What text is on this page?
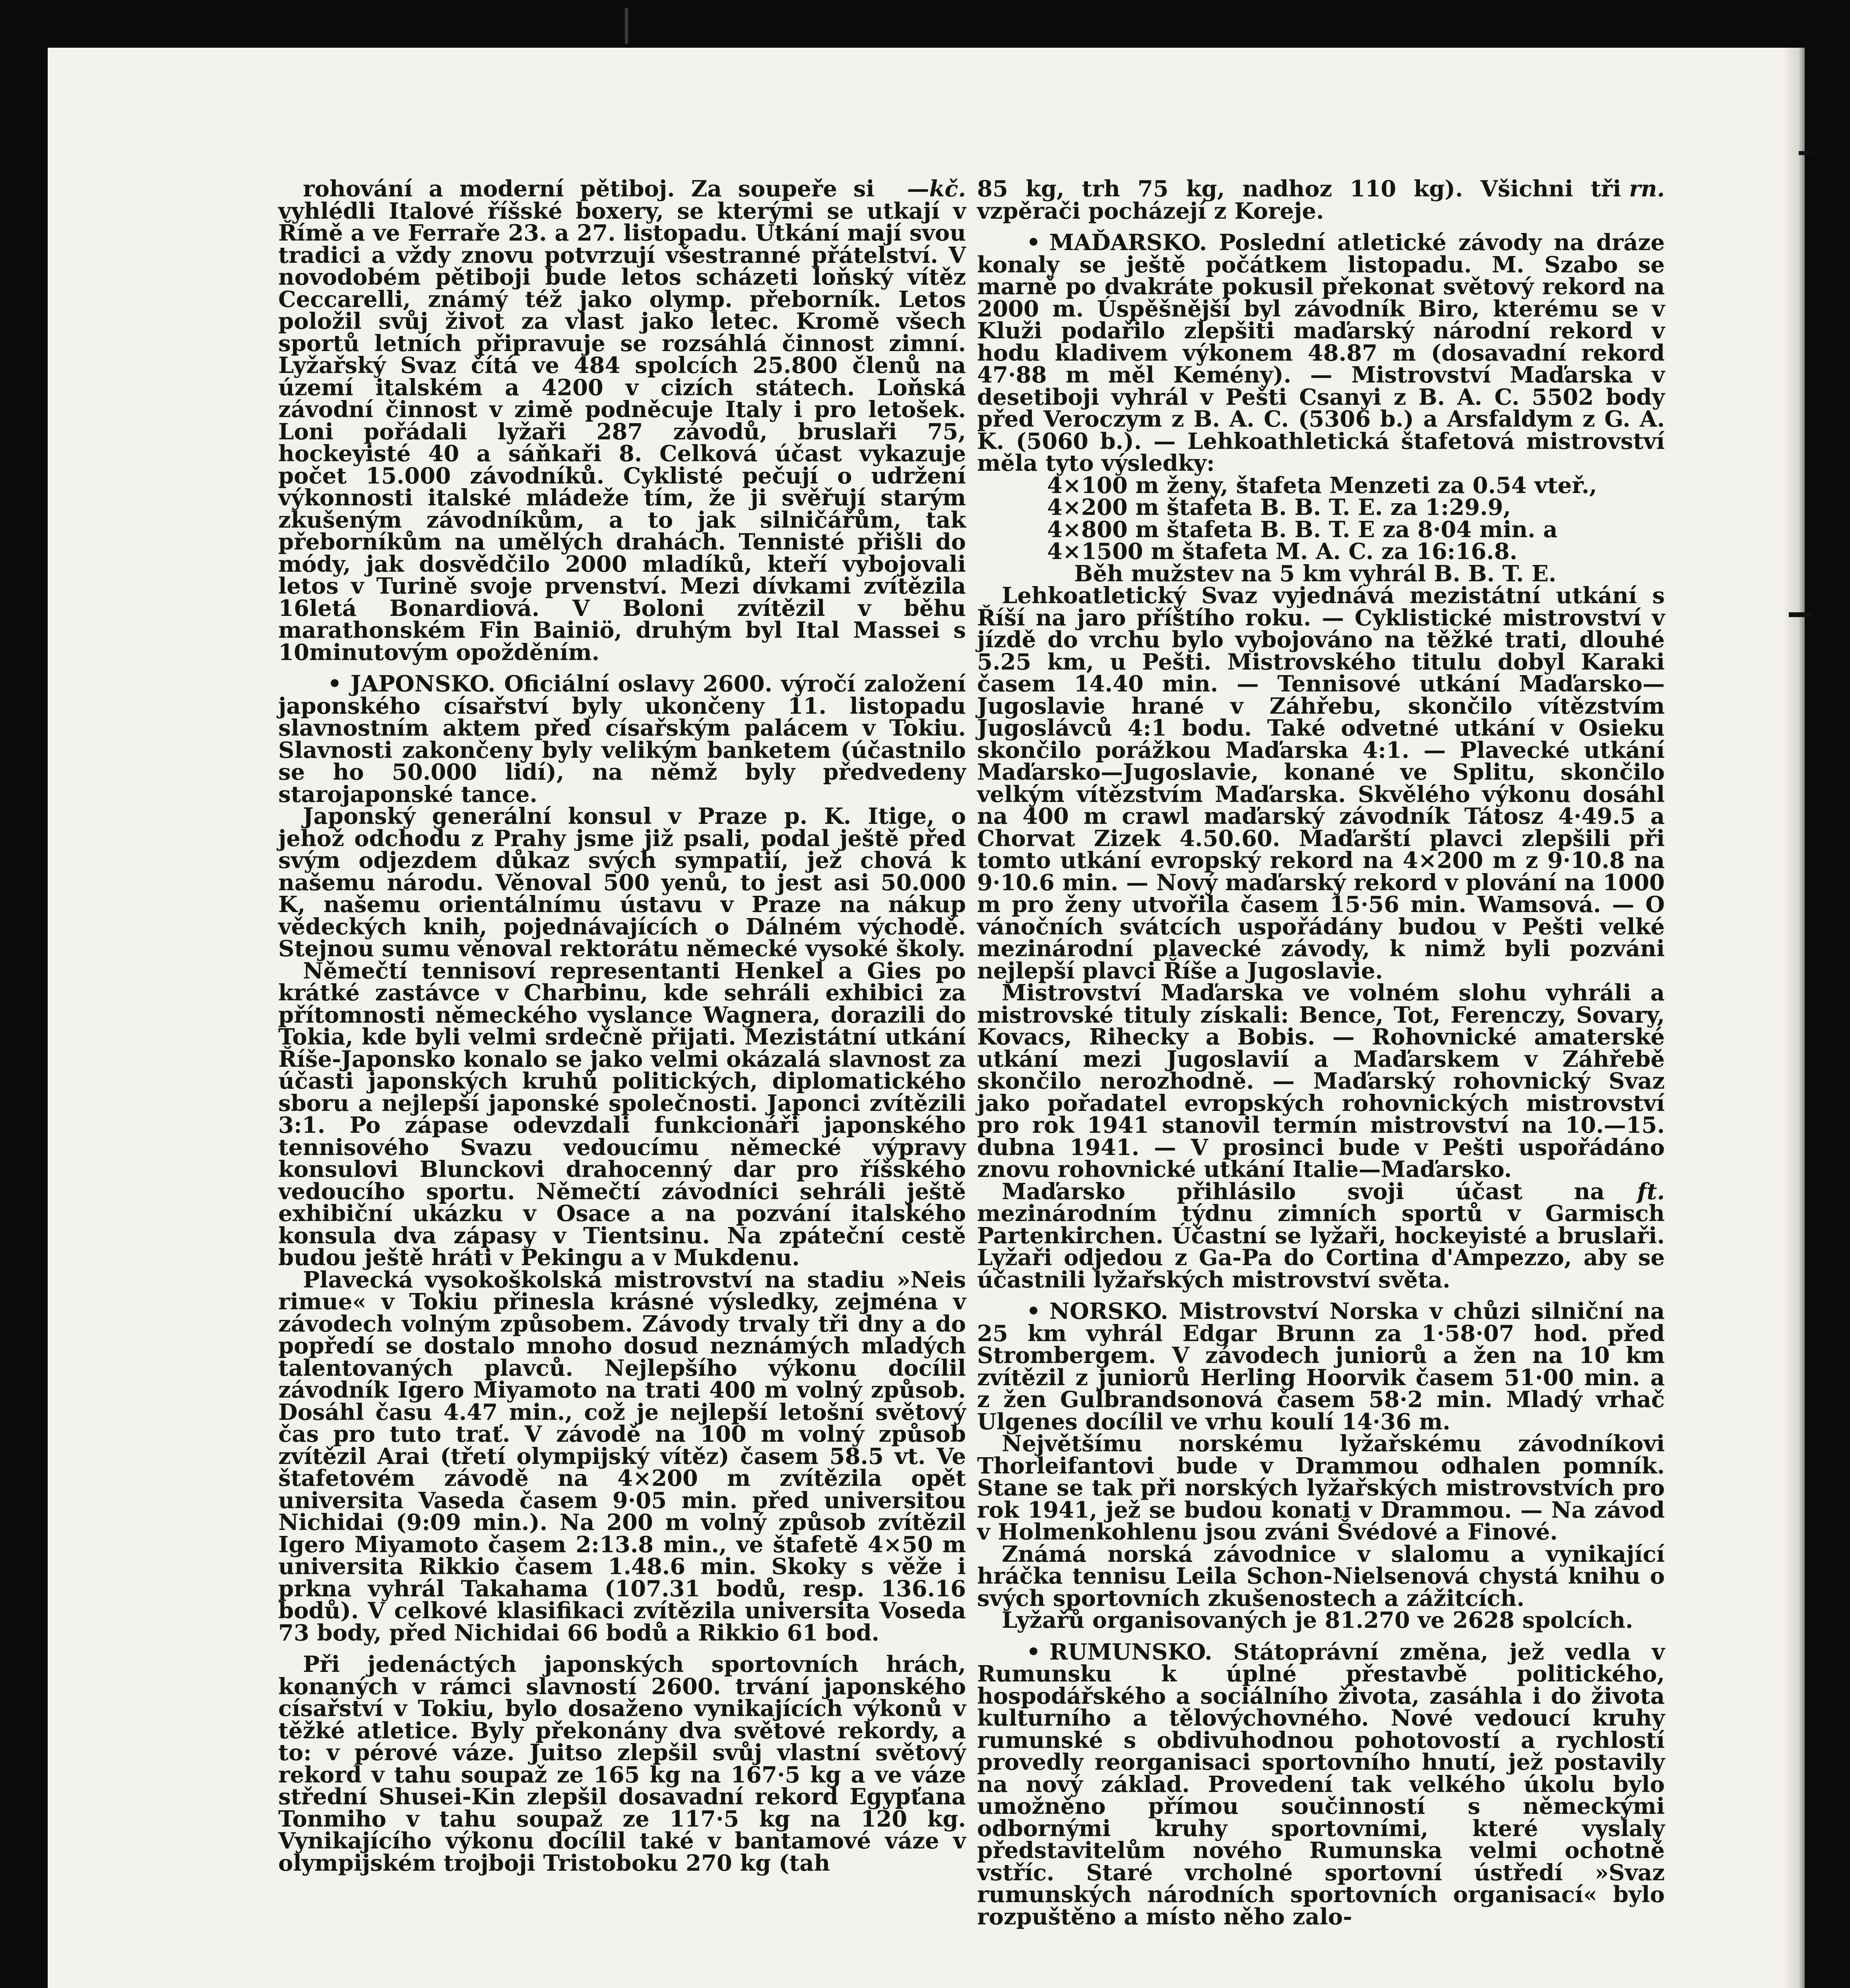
—kč.
rohování a moderní pětiboj. Za soupeře si vyhlédli Italové říšské boxery, se kterými se utkají v Římě a ve Ferraře 23. a 27. listopadu. Utkání mají svou tradici a vždy znovu potvrzují všestranné přátelství. V novodobém pětiboji bude letos scházeti loňský vítěz Ceccarelli, známý též jako olymp. přeborník. Letos položil svůj život za vlast jako letec. Kromě všech sportů letních připravuje se rozsáhlá činnost zimní. Lyžařský Svaz čítá ve 484 spolcích 25.800 členů na území italském a 4200 v cizích státech. Loňská závodní činnost v zimě podněcuje Italy i pro letošek. Loni pořádali lyžaři 287 závodů, bruslaři 75, hockeyisté 40 a sáňkaři 8. Celková účast vykazuje počet 15.000 závodníků. Cyklisté pečují o udržení výkonnosti italské mládeže tím, že ji svěřují starým zkušeným závodníkům, a to jak silničářům, tak přeborníkům na umělých drahách. Tennisté přišli do módy, jak dosvědčilo 2000 mladíků, kteří vybojovali letos v Turině svoje prvenství. Mezi dívkami zvítězila 16letá Bonardiová. V Boloni zvítězil v běhu marathonském Fin Bainiö, druhým byl Ital Massei s 10minutovým opožděním.

• JAPONSKO. Oficiální oslavy 2600. výročí založení japonského císařství byly ukončeny 11. listopadu slavnostním aktem před císařským palácem v Tokiu. Slavnosti zakončeny byly velikým banketem (účastnilo se ho 50.000 lidí), na němž byly předvedeny starojaponské tance.

Japonský generální konsul v Praze p. K. Itige, o jehož odchodu z Prahy jsme již psali, podal ještě před svým odjezdem důkaz svých sympatií, jež chová k našemu národu. Věnoval 500 yenů, to jest asi 50.000 K, našemu orientálnímu ústavu v Praze na nákup vědeckých knih, pojednávajících o Dálném východě. Stejnou sumu věnoval rektorátu německé vysoké školy.

Němečtí tennisoví representanti Henkel a Gies po krátké zastávce v Charbinu, kde sehráli exhibici za přítomnosti německého vyslance Wagnera, dorazili do Tokia, kde byli velmi srdečně přijati. Mezistátní utkání Říše-Japonsko konalo se jako velmi okázalá slavnost za účasti japonských kruhů politických, diplomatického sboru a nejlepší japonské společnosti. Japonci zvítězili 3:1. Po zápase odevzdali funkcionáři japonského tennisového Svazu vedoucímu německé výpravy konsulovi Blunckovi drahocenný dar pro říšského vedoucího sportu. Němečtí závodníci sehráli ještě exhibiční ukázku v Osace a na pozvání italského konsula dva zápasy v Tientsinu. Na zpáteční cestě budou ještě hráti v Pekingu a v Mukdenu.

Plavecká vysokoškolská mistrovství na stadiu »Neis rimue« v Tokiu přinesla krásné výsledky, zejména v závodech volným způsobem. Závody trvaly tři dny a do popředí se dostalo mnoho dosud neznámých mladých talentovaných plavců. Nejlepšího výkonu docílil závodník Igero Miyamoto na trati 400 m volný způsob. Dosáhl času 4.47 min., což je nejlepší letošní světový čas pro tuto trať. V závodě na 100 m volný způsob zvítězil Arai (třetí olympijský vítěz) časem 58.5 vt. Ve štafetovém závodě na 4×200 m zvítězila opět universita Vaseda časem 9·05 min. před universitou Nichidai (9:09 min.). Na 200 m volný způsob zvítězil Igero Miyamoto časem 2:13.8 min., ve štafetě 4×50 m universita Rikkio časem 1.48.6 min. Skoky s věže i prkna vyhrál Takahama (107.31 bodů, resp. 136.16 bodů). V celkové klasifikaci zvítězila universita Voseda 73 body, před Nichidai 66 bodů a Rikkio 61 bod.

Při jedenáctých japonských sportovních hrách, konaných v rámci slavností 2600. trvání japonského císařství v Tokiu, bylo dosaženo vynikajících výkonů v těžké atletice. Byly překonány dva světové rekordy, a to: v pérové váze. Juitso zlepšil svůj vlastní světový rekord v tahu soupaž ze 165 kg na 167·5 kg a ve váze střední Shusei-Kin zlepšil dosavadní rekord Egypťana Tonmiho v tahu soupaž ze 117·5 kg na 120 kg. Vynikajícího výkonu docílil také v bantamové váze v olympijském trojboji Tristoboku 270 kg (tah

rn.
85 kg, trh 75 kg, nadhoz 110 kg). Všichni tři vzpěrači pocházejí z Koreje.

• MAĎARSKO. Poslední atletické závody na dráze konaly se ještě počátkem listopadu. M. Szabo se marně po dvakráte pokusil překonat světový rekord na 2000 m. Úspěšnější byl závodník Biro, kterému se v Kluži podařilo zlepšiti maďarský národní rekord v hodu kladivem výkonem 48.87 m (dosavadní rekord 47·88 m měl Kemény). — Mistrovství Maďarska v desetiboji vyhrál v Pešti Csanyi z B. A. C. 5502 body před Veroczym z B. A. C. (5306 b.) a Arsfaldym z G. A. K. (5060 b.). — Lehkoathletická štafetová mistrovství měla tyto výsledky:

4×100 m ženy, štafeta Menzeti za 0.54 vteř.,

4×200 m štafeta B. B. T. E. za 1:29.9,

4×800 m štafeta B. B. T. E za 8·04 min. a

4×1500 m štafeta M. A. C. za 16:16.8.

Běh mužstev na 5 km vyhrál B. B. T. E.

Lehkoatletický Svaz vyjednává mezistátní utkání s Říší na jaro příštího roku. — Cyklistické mistrovství v jízdě do vrchu bylo vybojováno na těžké trati, dlouhé 5.25 km, u Pešti. Mistrovského titulu dobyl Karaki časem 14.40 min. — Tennisové utkání Maďarsko—Jugoslavie hrané v Záhřebu, skončilo vítězstvím Jugoslávců 4:1 bodu. Také odvetné utkání v Osieku skončilo porážkou Maďarska 4:1. — Plavecké utkání Maďarsko—Jugoslavie, konané ve Splitu, skončilo velkým vítězstvím Maďarska. Skvělého výkonu dosáhl na 400 m crawl maďarský závodník Tátosz 4·49.5 a Chorvat Zizek 4.50.60. Maďarští plavci zlepšili při tomto utkání evropský rekord na 4×200 m z 9·10.8 na 9·10.6 min. — Nový maďarský rekord v plování na 1000 m pro ženy utvořila časem 15·56 min. Wamsová. — O vánočních svátcích uspořádány budou v Pešti velké mezinárodní plavecké závody, k nimž byli pozváni nejlepší plavci Říše a Jugoslavie.

Mistrovství Maďarska ve volném slohu vyhráli a mistrovské tituly získali: Bence, Tot, Ferenczy, Sovary, Kovacs, Rihecky a Bobis. — Rohovnické amaterské utkání mezi Jugoslavií a Maďarskem v Záhřebě skončilo nerozhodně. — Maďarský rohovnický Svaz jako pořadatel evropských rohovnických mistrovství pro rok 1941 stanovil termín mistrovství na 10.—15. dubna 1941. — V prosinci bude v Pešti uspořádáno znovu rohovnické utkání Italie—Maďarsko.

ft.
Maďarsko přihlásilo svoji účast na mezinárodním týdnu zimních sportů v Garmisch Partenkirchen. Účastní se lyžaři, hockeyisté a bruslaři. Lyžaři odjedou z Ga-Pa do Cortina d'Ampezzo, aby se účastnili lyžařských mistrovství světa.

• NORSKO. Mistrovství Norska v chůzi silniční na 25 km vyhrál Edgar Brunn za 1·58·07 hod. před Strombergem. V závodech juniorů a žen na 10 km zvítězil z juniorů Herling Hoorvik časem 51·00 min. a z žen Gulbrandsonová časem 58·2 min. Mladý vrhač Ulgenes docílil ve vrhu koulí 14·36 m.

Největšímu norskému lyžařskému závodníkovi Thorleifantovi bude v Drammou odhalen pomník. Stane se tak při norských lyžařských mistrovstvích pro rok 1941, jež se budou konati v Drammou. — Na závod v Holmenkohlenu jsou zváni Švédové a Finové.

Známá norská závodnice v slalomu a vynikající hráčka tennisu Leila Schon-Nielsenová chystá knihu o svých sportovních zkušenostech a zážitcích.

Lyžařů organisovaných je 81.270 ve 2628 spolcích.

• RUMUNSKO. Státoprávní změna, jež vedla v Rumunsku k úplné přestavbě politického, hospodářského a sociálního života, zasáhla i do života kulturního a tělovýchovného. Nové vedoucí kruhy rumunské s obdivuhodnou pohotovostí a rychlostí provedly reorganisaci sportovního hnutí, jež postavily na nový základ. Provedení tak velkého úkolu bylo umožněno přímou součinností s německými odbornými kruhy sportovními, které vyslaly představitelům nového Rumunska velmi ochotně vstříc. Staré vrcholné sportovní ústředí »Svaz rumunských národních sportovních organisací« bylo rozpuštěno a místo něho zalo-
